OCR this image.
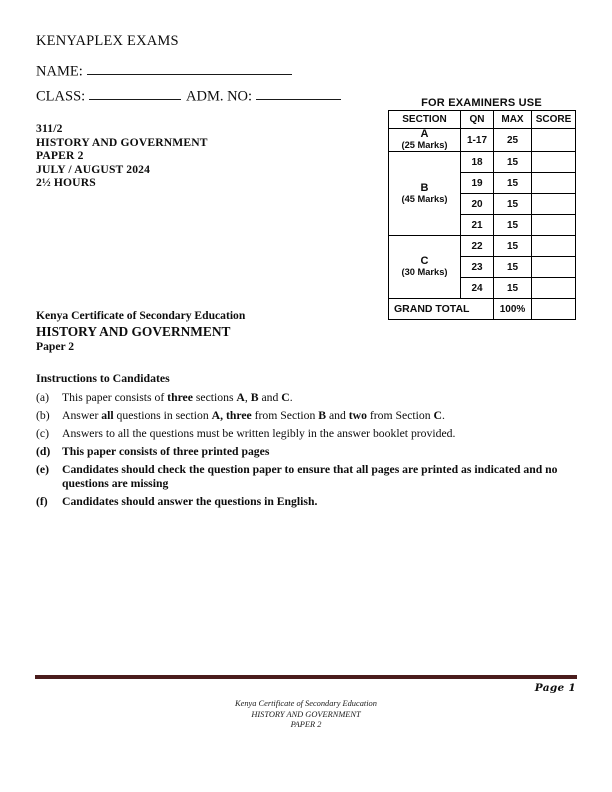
KENYAPLEX EXAMS
NAME:
CLASS:	ADM. NO:
311/2
HISTORY AND GOVERNMENT
PAPER 2
JULY / AUGUST 2024
2½ HOURS
Kenya Certificate of Secondary Education
HISTORY AND GOVERNMENT
Paper 2
FOR EXAMINERS USE
SECTION	QN	MAX	SCORE

A
(25 Marks)	1-17	25	

B
(45 Marks)	18	15	
	19	15	
	20	15	
	21	15	

C
(30 Marks)	22	15	
	23	15	
	24	15	
GRAND TOTAL		100%	
Instructions to Candidates
(a) This paper consists of three sections A, B and C.
(b) Answer all questions in section A, three from Section B and two from Section C.
(c) Answers to all the questions must be written legibly in the answer booklet provided.
(d) This paper consists of three printed pages
(e) Candidates should check the question paper to ensure that all pages are printed as indicated and no questions are missing
(f) Candidates should answer the questions in English.
Page 1
Kenya Certificate of Secondary Education
HISTORY AND GOVERNMENT
PAPER 2
